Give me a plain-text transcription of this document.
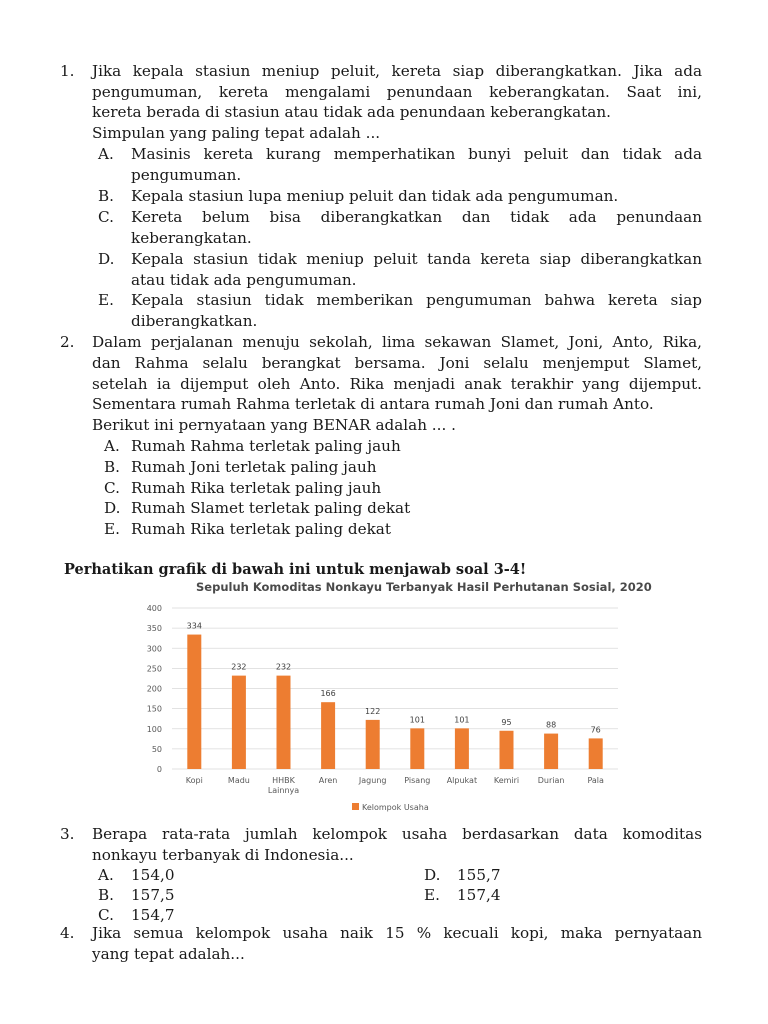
1. Jika kepala stasiun meniup peluit, kereta siap diberangkatkan. Jika ada
pengumuman, kereta mengalami penundaan keberangkatan. Saat ini,
kereta berada di stasiun atau tidak ada penundaan keberangkatan.
Simpulan yang paling tepat adalah ...
A. Masinis kereta kurang memperhatikan bunyi peluit dan tidak ada
pengumuman.
B. Kepala stasiun lupa meniup peluit dan tidak ada pengumuman.
C. Kereta belum bisa diberangkatkan dan tidak ada penundaan
keberangkatan.
D. Kepala stasiun tidak meniup peluit tanda kereta siap diberangkatkan
atau tidak ada pengumuman.
E. Kepala stasiun tidak memberikan pengumuman bahwa kereta siap
diberangkatkan.
2. Dalam perjalanan menuju sekolah, lima sekawan Slamet, Joni, Anto, Rika,
dan Rahma selalu berangkat bersama. Joni selalu menjemput Slamet,
setelah ia dijemput oleh Anto. Rika menjadi anak terakhir yang dijemput.
Sementara rumah Rahma terletak di antara rumah Joni dan rumah Anto.
Berikut ini pernyataan yang BENAR adalah ... .
A. Rumah Rahma terletak paling jauh
B. Rumah Joni terletak paling jauh
C. Rumah Rika terletak paling jauh
D. Rumah Slamet terletak paling dekat
E. Rumah Rika terletak paling dekat
Perhatikan grafik di bawah ini untuk menjawab soal 3-4!
Sepuluh Komoditas Nonkayu Terbanyak Hasil Perhutanan Sosial, 2020
0
50
100
150
200
250
300
350
400
334
Kopi
232
Madu
232
HHBK
Lainnya
166
Aren
122
Jagung
101
Pisang
101
Alpukat
95
Kemiri
88
Durian
76
Pala
Kelompok Usaha
3. Berapa rata-rata jumlah kelompok usaha berdasarkan data komoditas
nonkayu terbanyak di Indonesia...
A. 154,0
B. 157,5
C. 154,7
D. 155,7
E. 157,4
4. Jika semua kelompok usaha naik 15 % kecuali kopi, maka pernyataan
yang tepat adalah...
